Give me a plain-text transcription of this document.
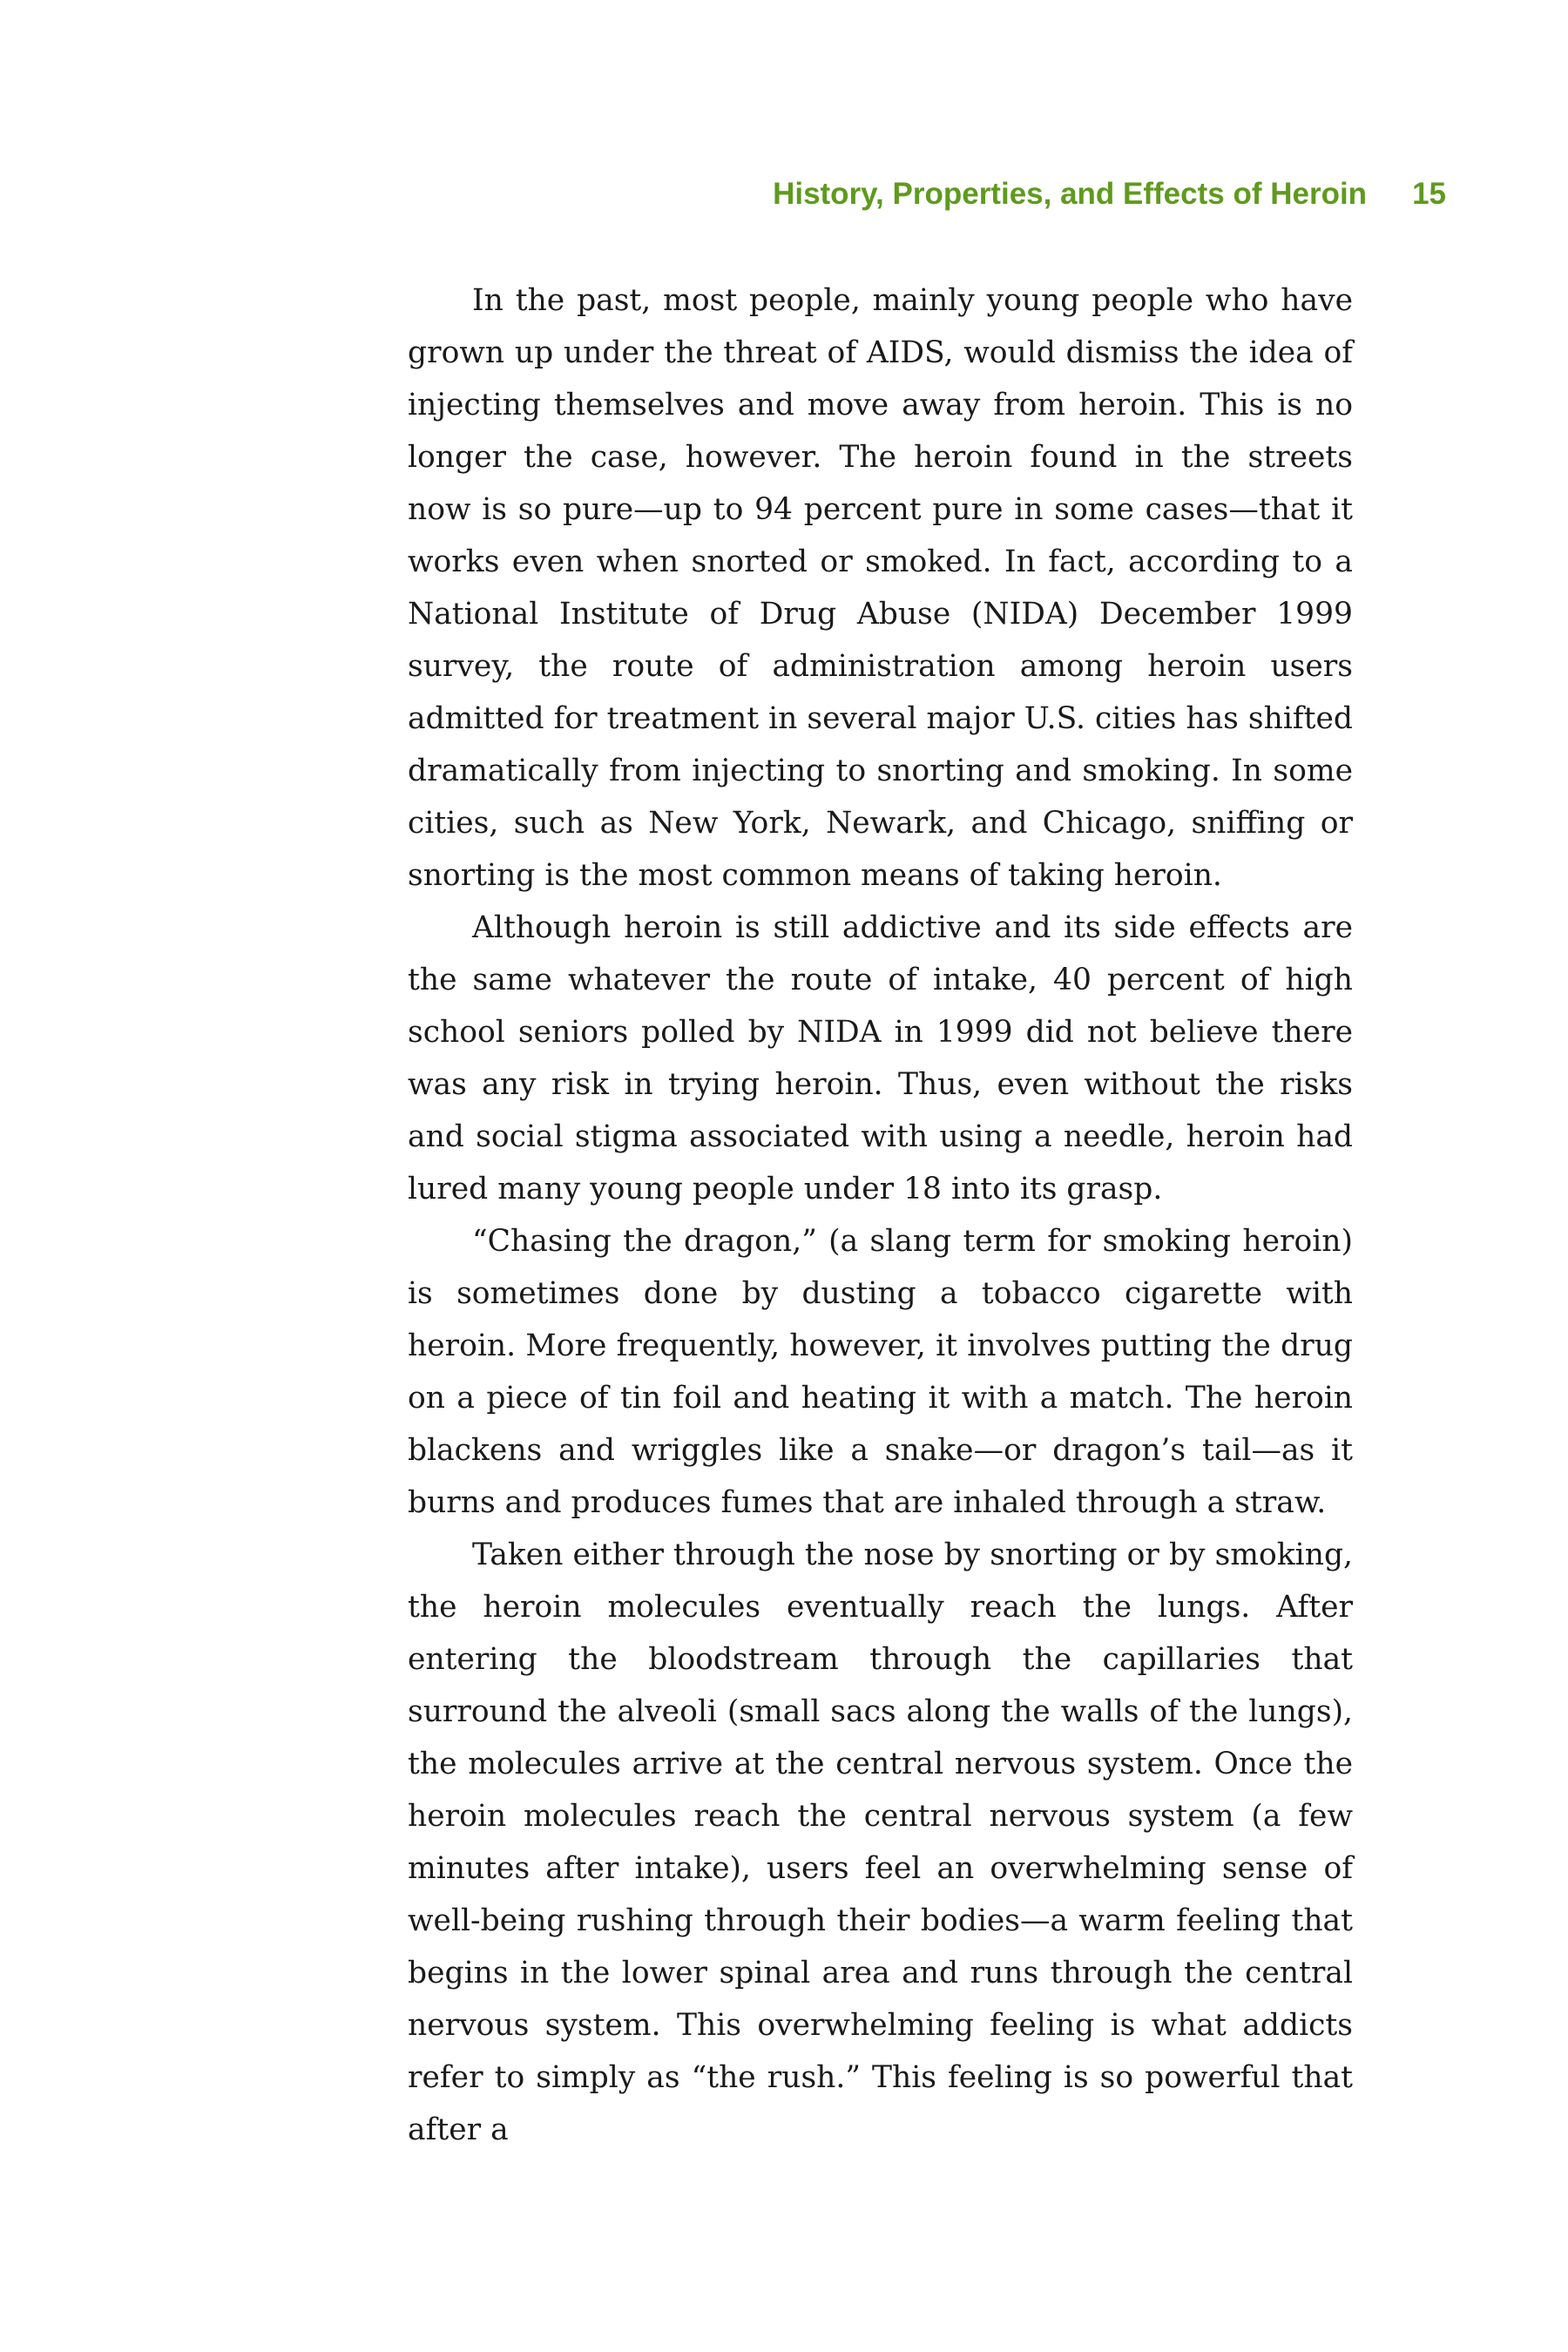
History, Properties, and Effects of Heroin 15

In the past, most people, mainly young people who have grown up under the threat of AIDS, would dismiss the idea of injecting themselves and move away from heroin. This is no longer the case, however. The heroin found in the streets now is so pure—up to 94 percent pure in some cases—that it works even when snorted or smoked. In fact, according to a National Institute of Drug Abuse (NIDA) December 1999 survey, the route of administration among heroin users admitted for treatment in several major U.S. cities has shifted dramatically from injecting to snorting and smoking. In some cities, such as New York, Newark, and Chicago, sniffing or snorting is the most common means of taking heroin.

Although heroin is still addictive and its side effects are the same whatever the route of intake, 40 percent of high school seniors polled by NIDA in 1999 did not believe there was any risk in trying heroin. Thus, even without the risks and social stigma associated with using a needle, heroin had lured many young people under 18 into its grasp.

“Chasing the dragon,” (a slang term for smoking heroin) is sometimes done by dusting a tobacco cigarette with heroin. More frequently, however, it involves putting the drug on a piece of tin foil and heating it with a match. The heroin blackens and wriggles like a snake—or dragon’s tail—as it burns and produces fumes that are inhaled through a straw.

Taken either through the nose by snorting or by smoking, the heroin molecules eventually reach the lungs. After entering the bloodstream through the capillaries that surround the alveoli (small sacs along the walls of the lungs), the molecules arrive at the central nervous system. Once the heroin molecules reach the central nervous system (a few minutes after intake), users feel an overwhelming sense of well-being rushing through their bodies—a warm feeling that begins in the lower spinal area and runs through the central nervous system. This overwhelming feeling is what addicts refer to simply as “the rush.” This feeling is so powerful that after a
